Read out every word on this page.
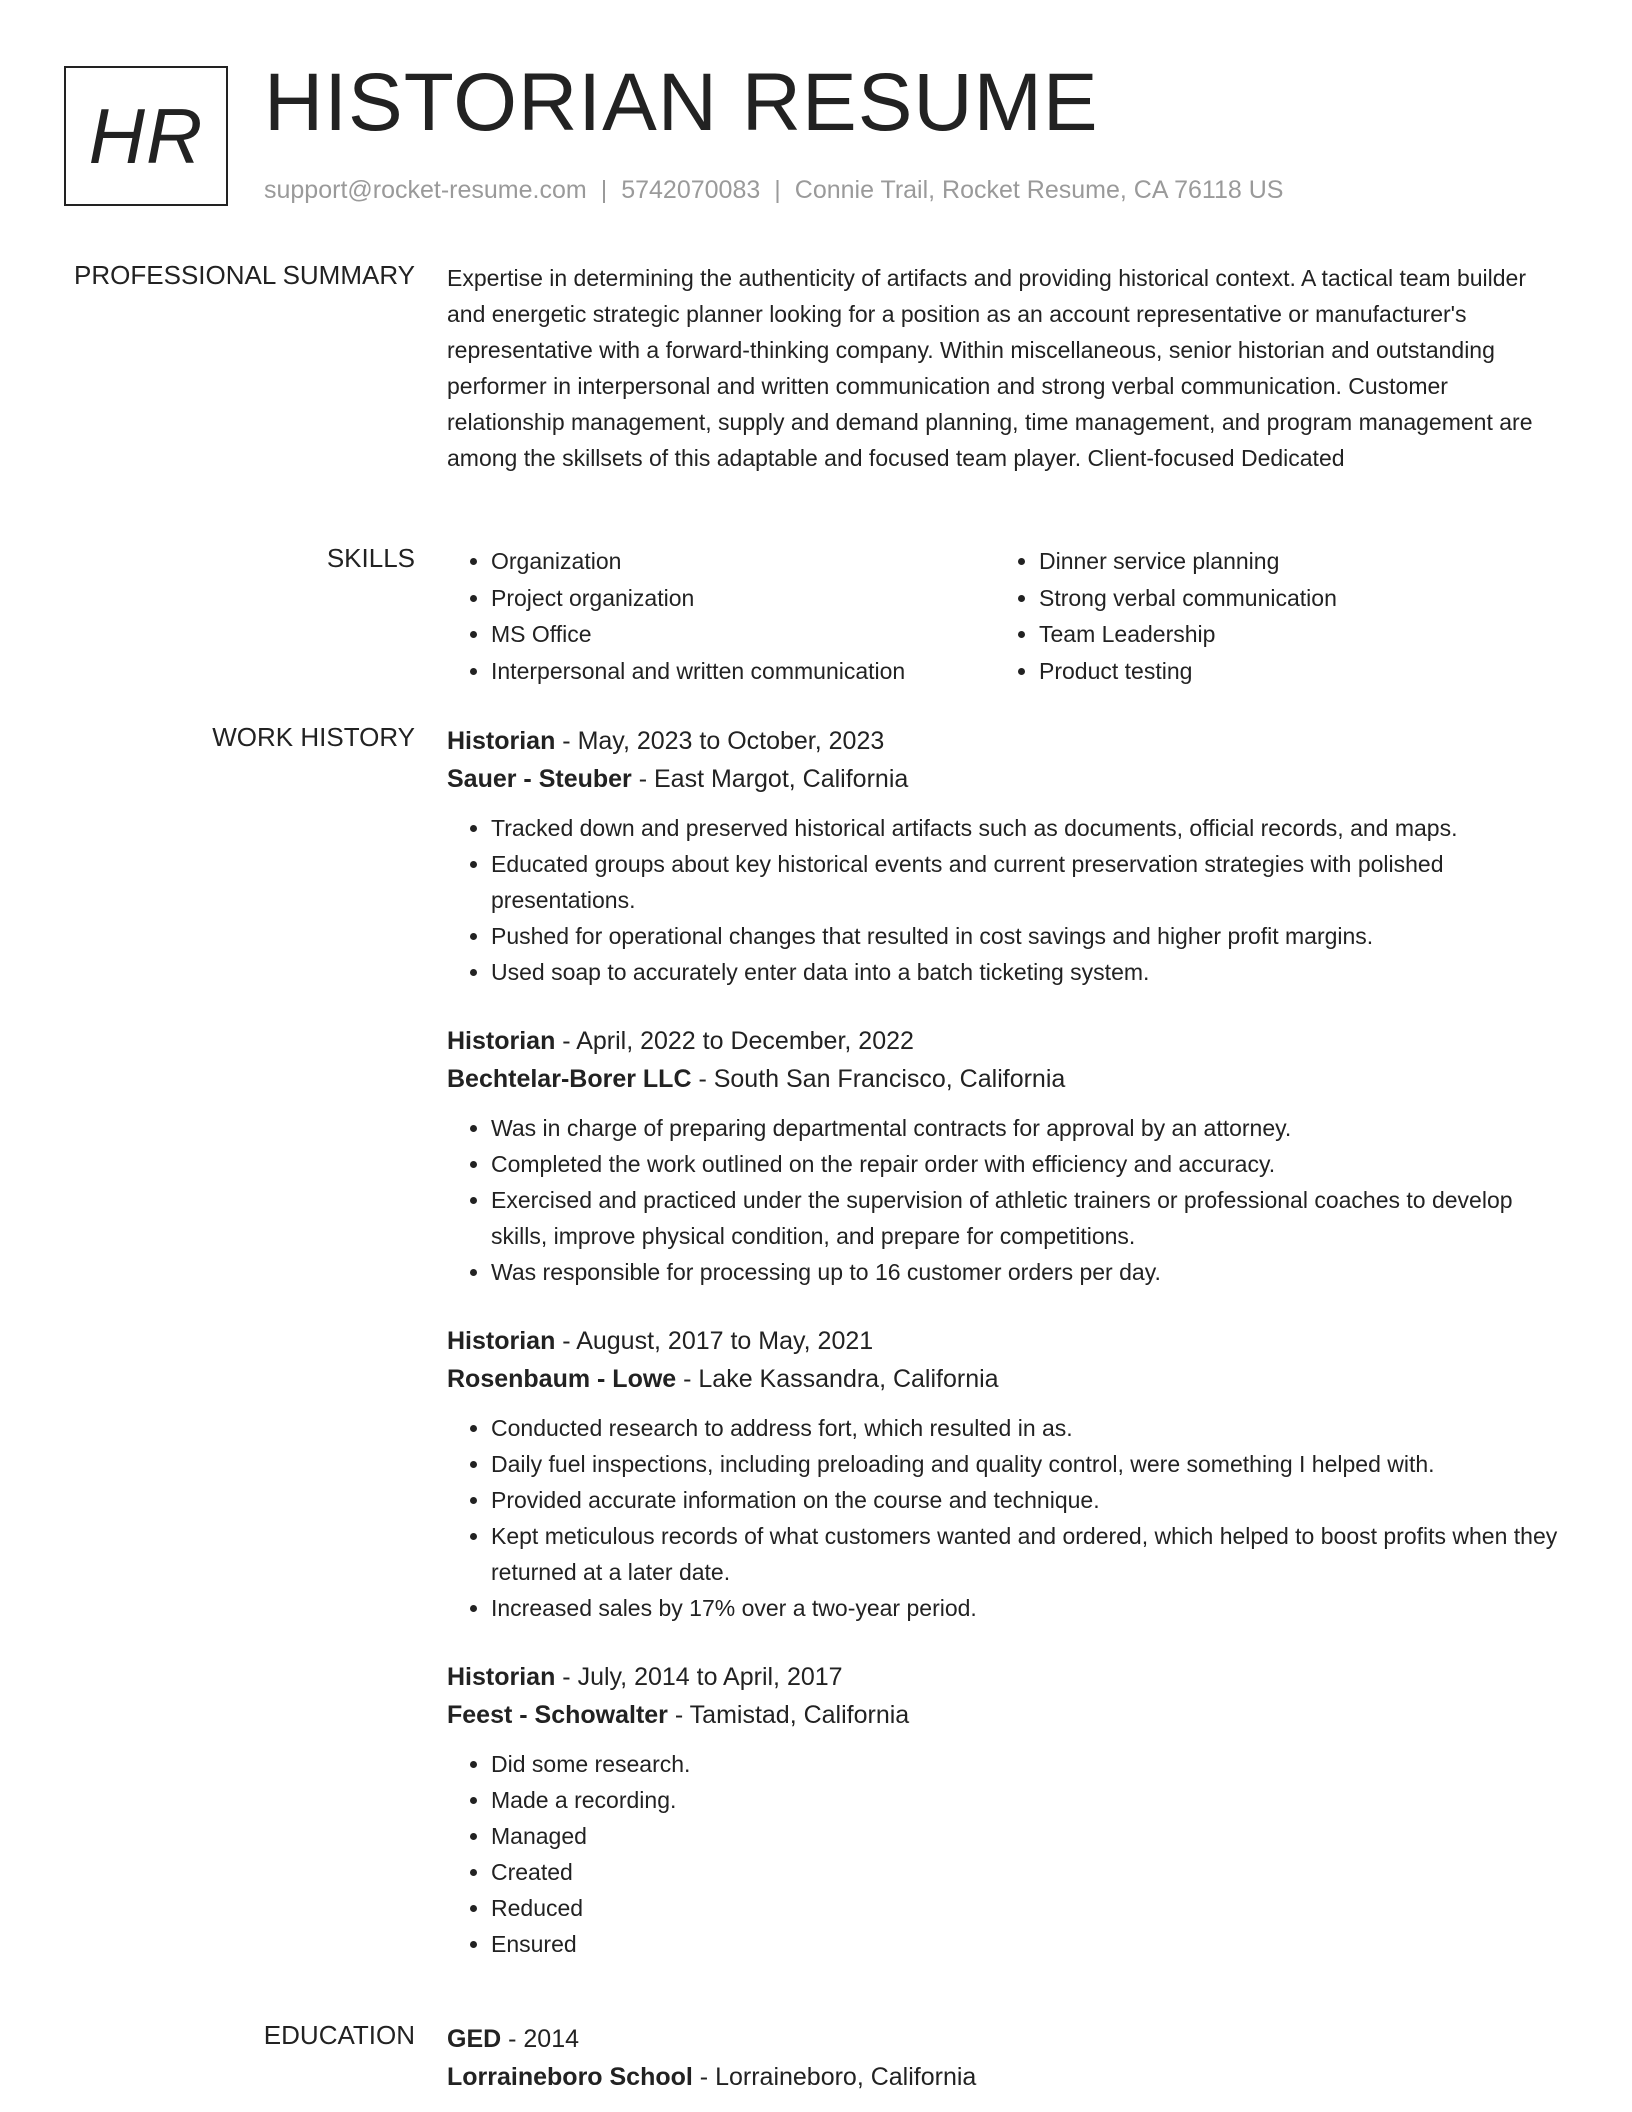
HR HISTORIAN RESUME
support@rocket-resume.com | 5742070083 | Connie Trail, Rocket Resume, CA 76118 US
PROFESSIONAL SUMMARY Expertise in determining the authenticity of artifacts and providing historical context. A tactical team builder and energetic strategic planner looking for a position as an account representative or manufacturer's representative with a forward-thinking company. Within miscellaneous, senior historian and outstanding performer in interpersonal and written communication and strong verbal communication. Customer relationship management, supply and demand planning, time management, and program management are among the skillsets of this adaptable and focused team player. Client-focused Dedicated

SKILLS
•	Organization
• Project organization
• MS Office
• Interpersonal and written communication
• Dinner service planning
• Strong verbal communication
• Team Leadership
• Product testing
WORK HISTORY Historian - May, 2023 to October, 2023
Sauer - Steuber - East Margot, California
• Tracked down and preserved historical artifacts such as documents, official records, and maps.
• Educated groups about key historical events and current preservation strategies with polished presentations.
• Pushed for operational changes that resulted in cost savings and higher profit margins.
• Used soap to accurately enter data into a batch ticketing system.
Historian - April, 2022 to December, 2022
Bechtelar-Borer LLC - South San Francisco, California
• Was in charge of preparing departmental contracts for approval by an attorney.
• Completed the work outlined on the repair order with efficiency and accuracy.
• Exercised and practiced under the supervision of athletic trainers or professional coaches to develop skills, improve physical condition, and prepare for competitions.
• Was responsible for processing up to 16 customer orders per day.
Historian - August, 2017 to May, 2021
Rosenbaum - Lowe - Lake Kassandra, California
• Conducted research to address fort, which resulted in as.
• Daily fuel inspections, including preloading and quality control, were something I helped with.
• Provided accurate information on the course and technique.
• Kept meticulous records of what customers wanted and ordered, which helped to boost profits when they returned at a later date.
• Increased sales by 17% over a two-year period.
Historian - July, 2014 to April, 2017
Feest - Schowalter - Tamistad, California
• Did some research.
• Made a recording.
• Managed
• Created
• Reduced
• Ensured
EDUCATION GED - 2014
Lorraineboro School - Lorraineboro, California
